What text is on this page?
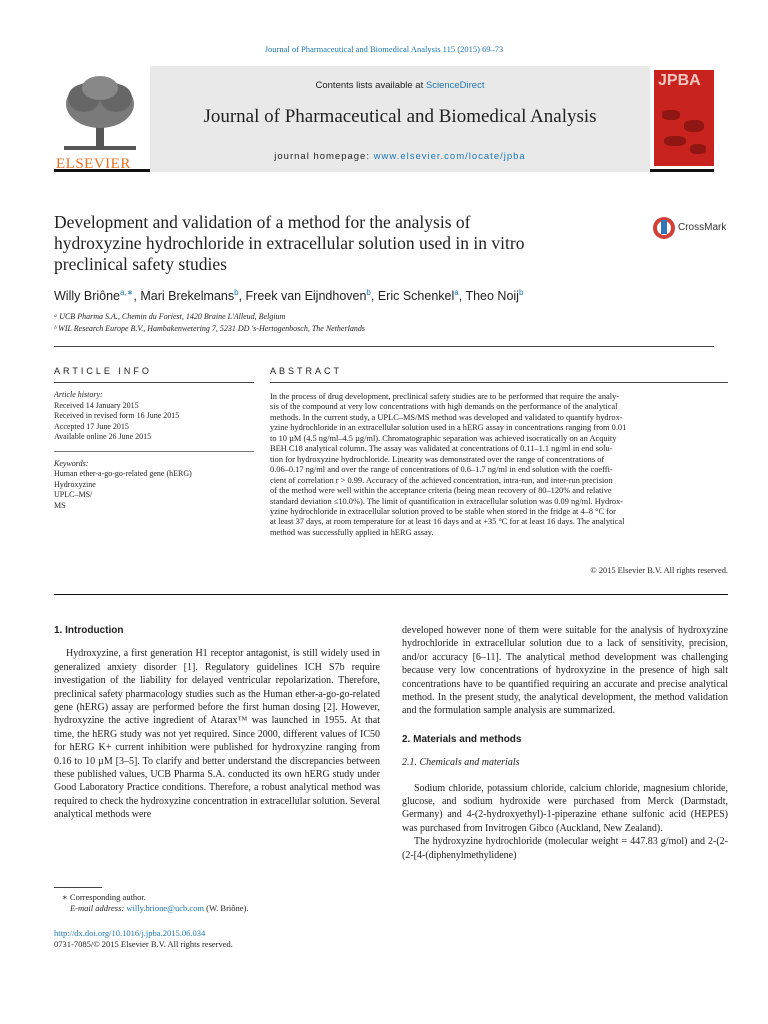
Journal of Pharmaceutical and Biomedical Analysis 115 (2015) 69–73
ELSEVIER
Contents lists available at ScienceDirect
Journal of Pharmaceutical and Biomedical Analysis
journal homepage: www.elsevier.com/locate/jpba
JPBA
Development and validation of a method for the analysis of
hydroxyzine hydrochloride in extracellular solution used in in vitro
preclinical safety studies
CrossMark
Willy Briône$^{a,∗}$, Mari Brekelmans$^b$, Freek van Eijndhoven$^b$, Eric Schenkel$^a$, Theo Noij$^b$
ᵃ UCB Pharma S.A., Chemin du Foriest, 1420 Braine L'Alleud, Belgium
ᵇ WIL Research Europe B.V., Hambakenwetering 7, 5231 DD 's-Hertogenbosch, The Netherlands
ARTICLE INFO	ABSTRACT
Article history:
Received 14 January 2015
Received in revised form 16 June 2015
Accepted 17 June 2015
Available online 26 June 2015
Keywords:
Human ether-a-go-go-related gene (hERG)
Hydroxyzine
UPLC–MS/
MS
In the process of drug development, preclinical safety studies are to be performed that require the analy-
sis of the compound at very low concentrations with high demands on the performance of the analytical
methods. In the current study, a UPLC–MS/MS method was developed and validated to quantify hydrox-
yzine hydrochloride in an extracellular solution used in a hERG assay in concentrations ranging from 0.01
to 10 µM (4.5 ng/ml–4.5 µg/ml). Chromatographic separation was achieved isocratically on an Acquity
BEH C18 analytical column. The assay was validated at concentrations of 0.11–1.1 ng/ml in end solu-
tion for hydroxyzine hydrochloride. Linearity was demonstrated over the range of concentrations of
0.06–0.17 ng/ml and over the range of concentrations of 0.6–1.7 ng/ml in end solution with the coeffi-
cient of correlation r > 0.99. Accuracy of the achieved concentration, intra-run, and inter-run precision
of the method were well within the acceptance criteria (being mean recovery of 80–120% and relative
standard deviation ≤10.0%). The limit of quantification in extracellular solution was 0.09 ng/ml. Hydrox-
yzine hydrochloride in extracellular solution proved to be stable when stored in the fridge at 4–8 °C for
at least 37 days, at room temperature for at least 16 days and at +35 °C for at least 16 days. The analytical
method was successfully applied in hERG assay.
© 2015 Elsevier B.V. All rights reserved.
1. Introduction

Hydroxyzine, a first generation H1 receptor antagonist, is still widely used in generalized anxiety disorder [1]. Regulatory guidelines ICH S7b require investigation of the liability for delayed ventricular repolarization. Therefore, preclinical safety pharmacology studies such as the Human ether-a-go-go-related gene (hERG) assay are performed before the first human dosing [2]. However, hydroxyzine the active ingredient of Atarax™ was launched in 1955. At that time, the hERG study was not yet required. Since 2000, different values of IC50 for hERG K+ current inhibition were published for hydroxyzine ranging from 0.16 to 10 µM [3–5]. To clarify and better understand the discrepancies between these published values, UCB Pharma S.A. conducted its own hERG study under Good Laboratory Practice conditions. Therefore, a robust analytical method was required to check the hydroxyzine concentration in extracellular solution. Several analytical methods were

developed however none of them were suitable for the analysis of hydroxyzine hydrochloride in extracellular solution due to a lack of sensitivity, precision, and/or accuracy [6–11]. The analytical method development was challenging because very low concentrations of hydroxyzine in the presence of high salt concentrations have to be quantified requiring an accurate and precise analytical method. In the present study, the analytical development, the method validation and the formulation sample analysis are summarized.

2. Materials and methods
2.1. Chemicals and materials

Sodium chloride, potassium chloride, calcium chloride, magnesium chloride, glucose, and sodium hydroxide were purchased from Merck (Darmstadt, Germany) and 4-(2-hydroxyethyl)-1-piperazine ethane sulfonic acid (HEPES) was purchased from Invitrogen Gibco (Auckland, New Zealand).

The hydroxyzine hydrochloride (molecular weight = 447.83 g/mol) and 2-(2-(2-[4-(diphenylmethylidene)

∗ Corresponding author.
E-mail address: willy.brione@ucb.com (W. Briône).
http://dx.doi.org/10.1016/j.jpba.2015.06.034
0731-7085/© 2015 Elsevier B.V. All rights reserved.
